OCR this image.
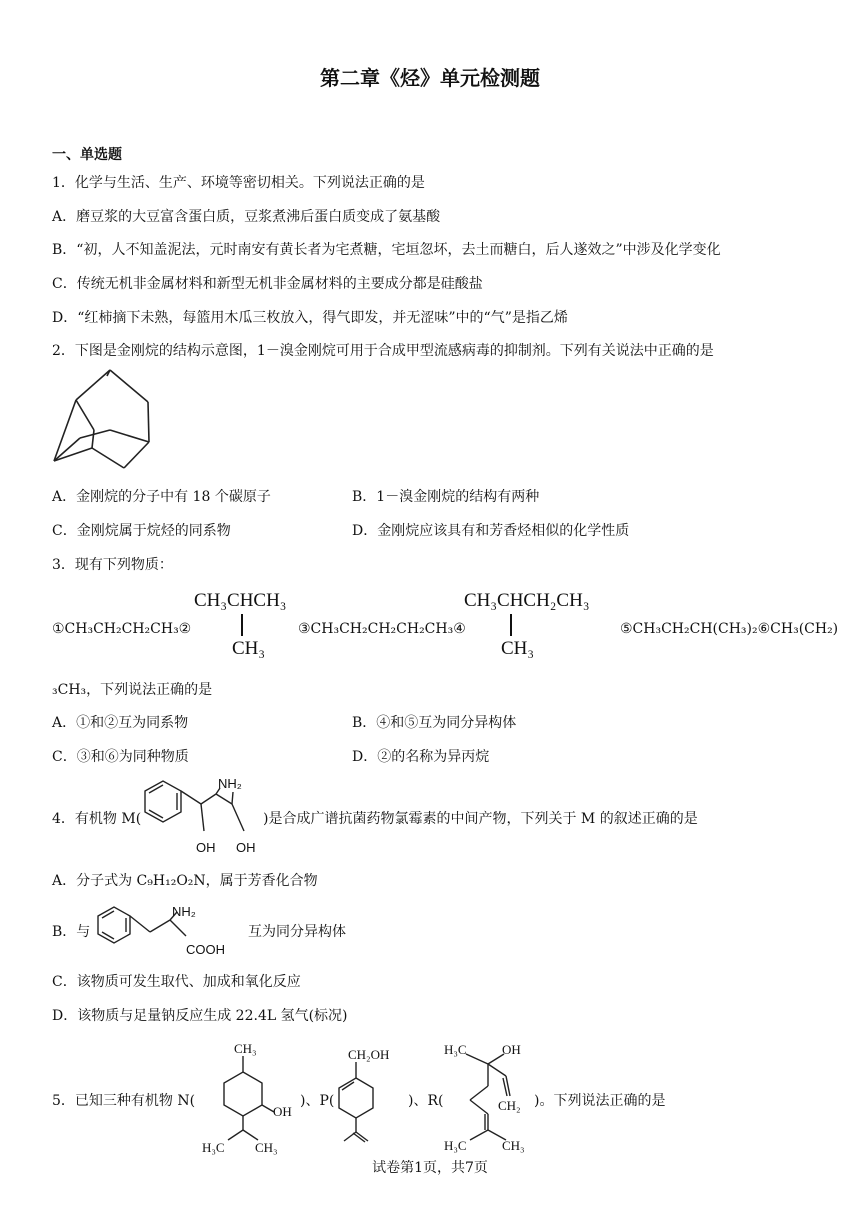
第二章《烃》单元检测题
一、单选题
1．化学与生活、生产、环境等密切相关。下列说法正确的是
A．磨豆浆的大豆富含蛋白质，豆浆煮沸后蛋白质变成了氨基酸
B．“初，人不知盖泥法，元时南安有黄长者为宅煮糖，宅垣忽坏，去土而糖白，后人遂效之”中涉及化学变化
C．传统无机非金属材料和新型无机非金属材料的主要成分都是硅酸盐
D．“红柿摘下未熟，每篮用木瓜三枚放入，得气即发，并无涩味”中的“气”是指乙烯
2．下图是金刚烷的结构示意图，1－溴金刚烷可用于合成甲型流感病毒的抑制剂。下列有关说法中正确的是
A．金刚烷的分子中有 18 个碳原子	B．1－溴金刚烷的结构有两种
C．金刚烷属于烷烃的同系物	D．金刚烷应该具有和芳香烃相似的化学性质
3．现有下列物质：
①CH₃CH₂CH₂CH₃②
CH₃CHCH₃
CH₃
③CH₃CH₂CH₂CH₂CH₃④
CH₃CHCH₂CH₃
CH₃
⑤CH₃CH₂CH(CH₃)₂⑥CH₃(CH₂)
₃CH₃，下列说法正确的是
A．①和②互为同系物	B．④和⑤互为同分异构体
C．③和⑥为同种物质	D．②的名称为异丙烷
4．有机物 M(
NH₂
OH OH
)是合成广谱抗菌药物氯霉素的中间产物，下列关于 M 的叙述正确的是
A．分子式为 C₉H₁₂O₂N，属于芳香化合物
B．与
NH₂
COOH
互为同分异构体
C．该物质可发生取代、加成和氧化反应
D．该物质与足量钠反应生成 22.4L 氢气(标况)
5．已知三种有机物 N(
CH₃
OH
H₃C CH₃
)、P(
CH₂OH
)、R(
H₃C	OH
CH₂
H₃C	CH₃
)。下列说法正确的是
试卷第1页，共7页
